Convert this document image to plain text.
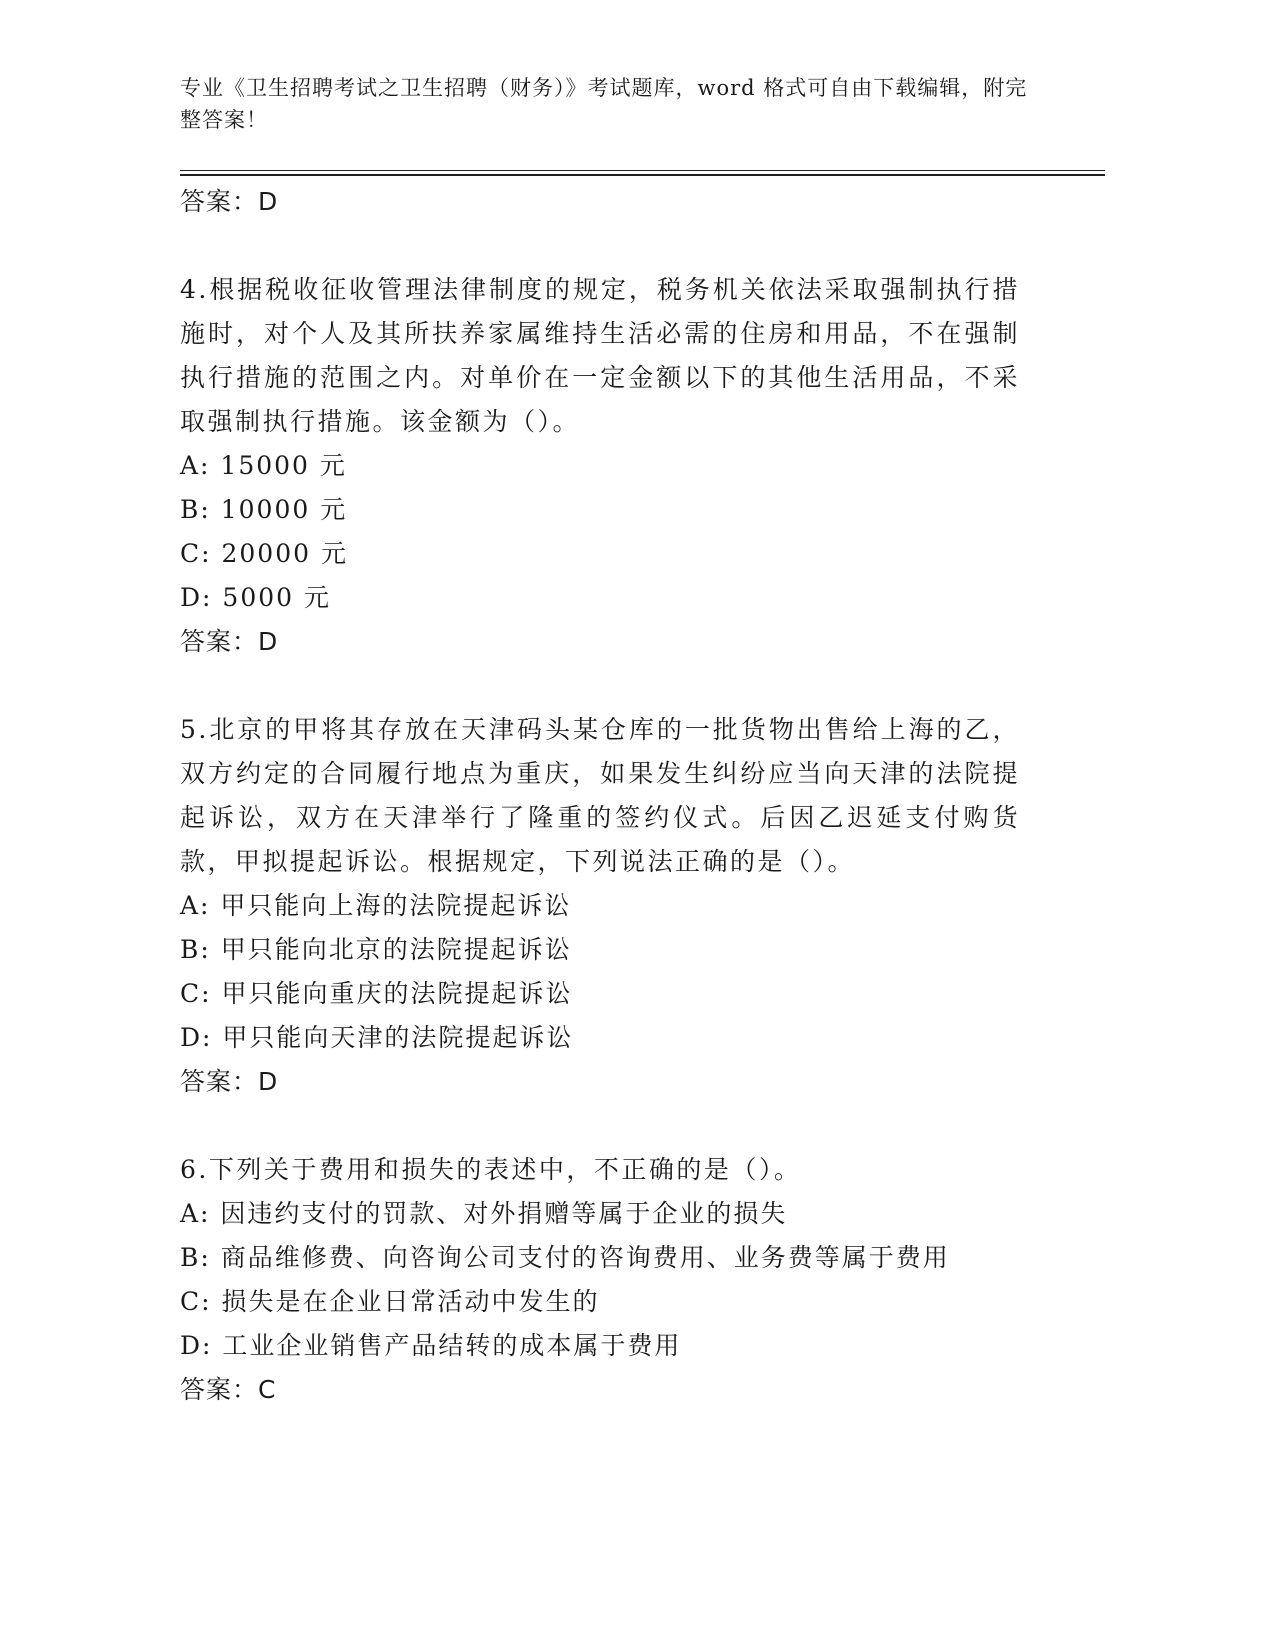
专业《卫生招聘考试之卫生招聘（财务）》考试题库，word 格式可自由下载编辑，附完整答案！
答案：D
4.根据税收征收管理法律制度的规定，税务机关依法采取强制执行措施时，对个人及其所扶养家属维持生活必需的住房和用品，不在强制执行措施的范围之内。对单价在一定金额以下的其他生活用品，不采取强制执行措施。该金额为（）。
A: 15000 元
B: 10000 元
C: 20000 元
D: 5000 元
答案：D
5.北京的甲将其存放在天津码头某仓库的一批货物出售给上海的乙，双方约定的合同履行地点为重庆，如果发生纠纷应当向天津的法院提起诉讼，双方在天津举行了隆重的签约仪式。后因乙迟延支付购货款，甲拟提起诉讼。根据规定，下列说法正确的是（）。
A: 甲只能向上海的法院提起诉讼
B: 甲只能向北京的法院提起诉讼
C: 甲只能向重庆的法院提起诉讼
D: 甲只能向天津的法院提起诉讼
答案：D
6.下列关于费用和损失的表述中，不正确的是（）。
A: 因违约支付的罚款、对外捐赠等属于企业的损失
B: 商品维修费、向咨询公司支付的咨询费用、业务费等属于费用
C: 损失是在企业日常活动中发生的
D: 工业企业销售产品结转的成本属于费用
答案：C
